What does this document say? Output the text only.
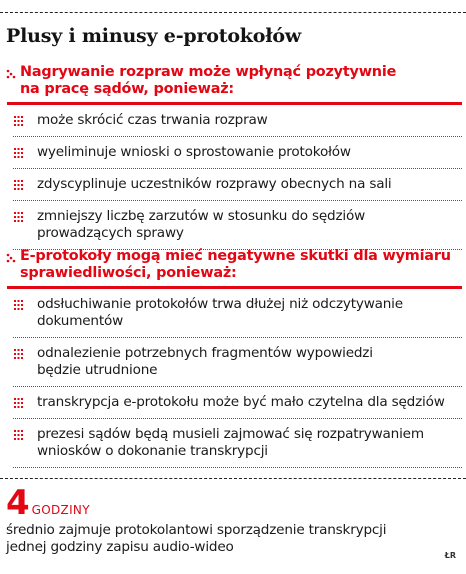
Plusy i minusy e-protokołów
Nagrywanie rozpraw może wpłynąć pozytywnie
na pracę sądów, ponieważ:
może skrócić czas trwania rozpraw
wyeliminuje wnioski o sprostowanie protokołów
zdyscyplinuje uczestników rozprawy obecnych na sali
zmniejszy liczbę zarzutów w stosunku do sędziów
prowadzących sprawy
E-protokoły mogą mieć negatywne skutki dla wymiaru
sprawiedliwości, ponieważ:
odsłuchiwanie protokołów trwa dłużej niż odczytywanie
dokumentów
odnalezienie potrzebnych fragmentów wypowiedzi
będzie utrudnione
transkrypcja e-protokołu może być mało czytelna dla sędziów
prezesi sądów będą musieli zajmować się rozpatrywaniem
wniosków o dokonanie transkrypcji
4 GODZINY
średnio zajmuje protokolantowi sporządzenie transkrypcji
jednej godziny zapisu audio-wideo
ŁR
